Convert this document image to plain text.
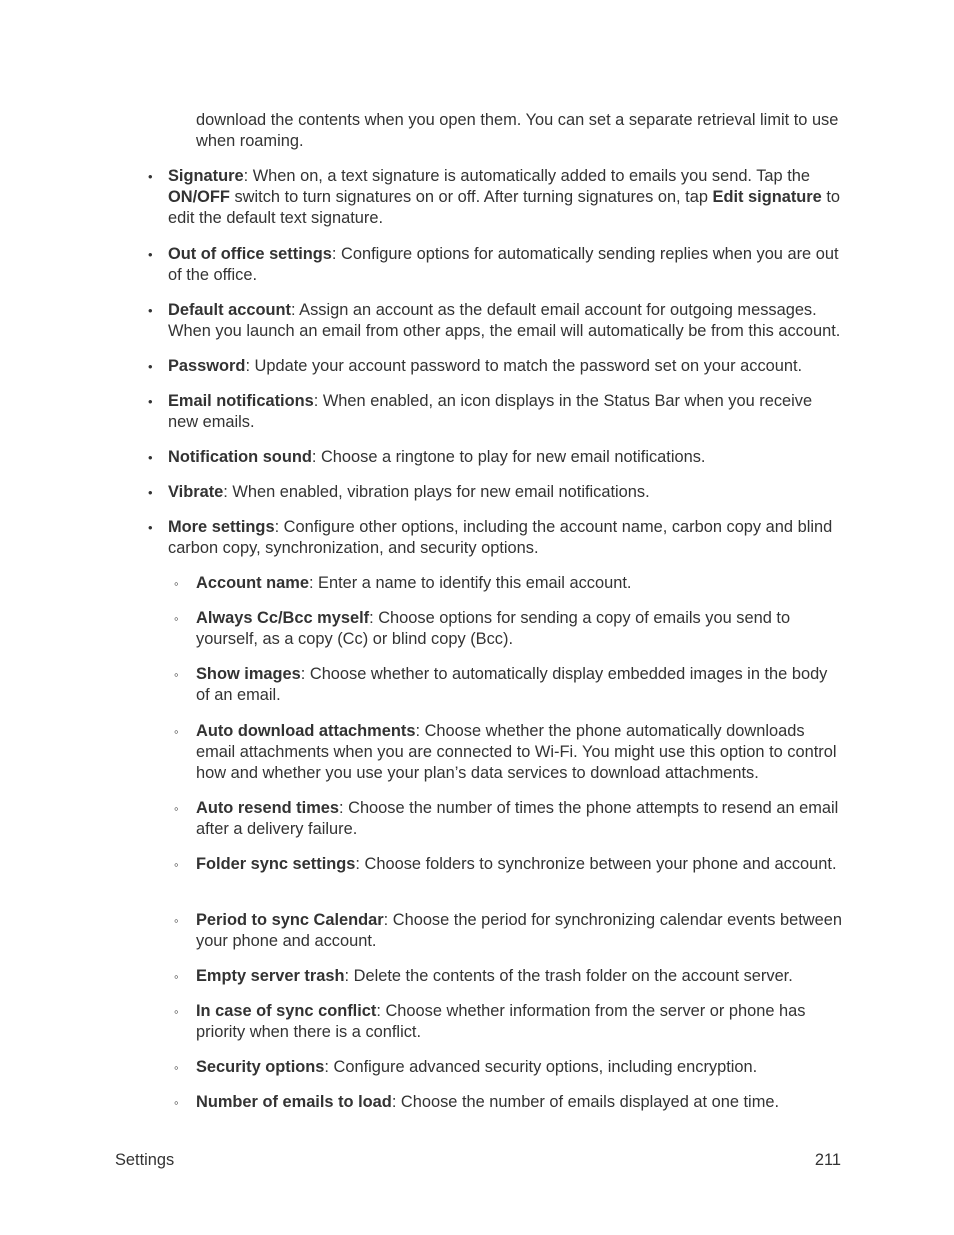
download the contents when you open them. You can set a separate retrieval limit to use when roaming.
• Signature: When on, a text signature is automatically added to emails you send. Tap the ON/OFF switch to turn signatures on or off. After turning signatures on, tap Edit signature to edit the default text signature.
• Out of office settings: Configure options for automatically sending replies when you are out of the office.
• Default account: Assign an account as the default email account for outgoing messages. When you launch an email from other apps, the email will automatically be from this account.
• Password: Update your account password to match the password set on your account.
• Email notifications: When enabled, an icon displays in the Status Bar when you receive new emails.
• Notification sound: Choose a ringtone to play for new email notifications.
• Vibrate: When enabled, vibration plays for new email notifications.
• More settings: Configure other options, including the account name, carbon copy and blind carbon copy, synchronization, and security options.
◦ Account name: Enter a name to identify this email account.
◦ Always Cc/Bcc myself: Choose options for sending a copy of emails you send to yourself, as a copy (Cc) or blind copy (Bcc).
◦ Show images: Choose whether to automatically display embedded images in the body of an email.
◦ Auto download attachments: Choose whether the phone automatically downloads email attachments when you are connected to Wi-Fi. You might use this option to control how and whether you use your plan’s data services to download attachments.
◦ Auto resend times: Choose the number of times the phone attempts to resend an email after a delivery failure.
◦ Folder sync settings: Choose folders to synchronize between your phone and account.
◦ Period to sync Calendar: Choose the period for synchronizing calendar events between your phone and account.
◦ Empty server trash: Delete the contents of the trash folder on the account server.
◦ In case of sync conflict: Choose whether information from the server or phone has priority when there is a conflict.
◦ Security options: Configure advanced security options, including encryption.
◦ Number of emails to load: Choose the number of emails displayed at one time.
Settings	211
